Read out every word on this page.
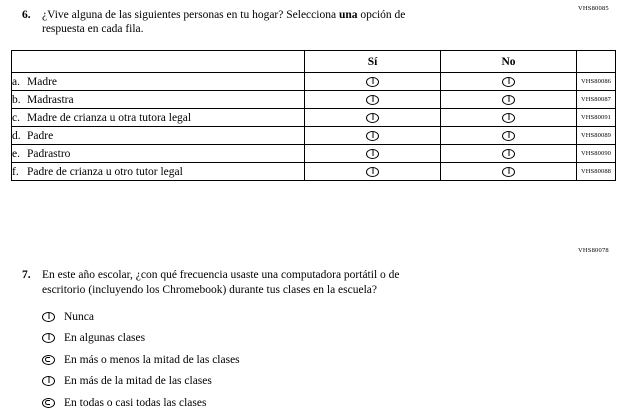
VHS80085
6. ¿Vive alguna de las siguientes personas en tu hogar? Selecciona una opción de
respuesta en cada fila.
	Sí	No	
a. Madre			VHS80086
b. Madrastra			VHS80087
c. Madre de crianza u otra tutora legal			VHS80091
d. Padre			VHS80089
e. Padrastro			VHS80090
f. Padre de crianza u otro tutor legal			VHS80088
VHS80078
7. En este año escolar, ¿con qué frecuencia usaste una computadora portátil o de
escritorio (incluyendo los Chromebook) durante tus clases en la escuela?
Nunca
En algunas clases
En más o menos la mitad de las clases
En más de la mitad de las clases
En todas o casi todas las clases
